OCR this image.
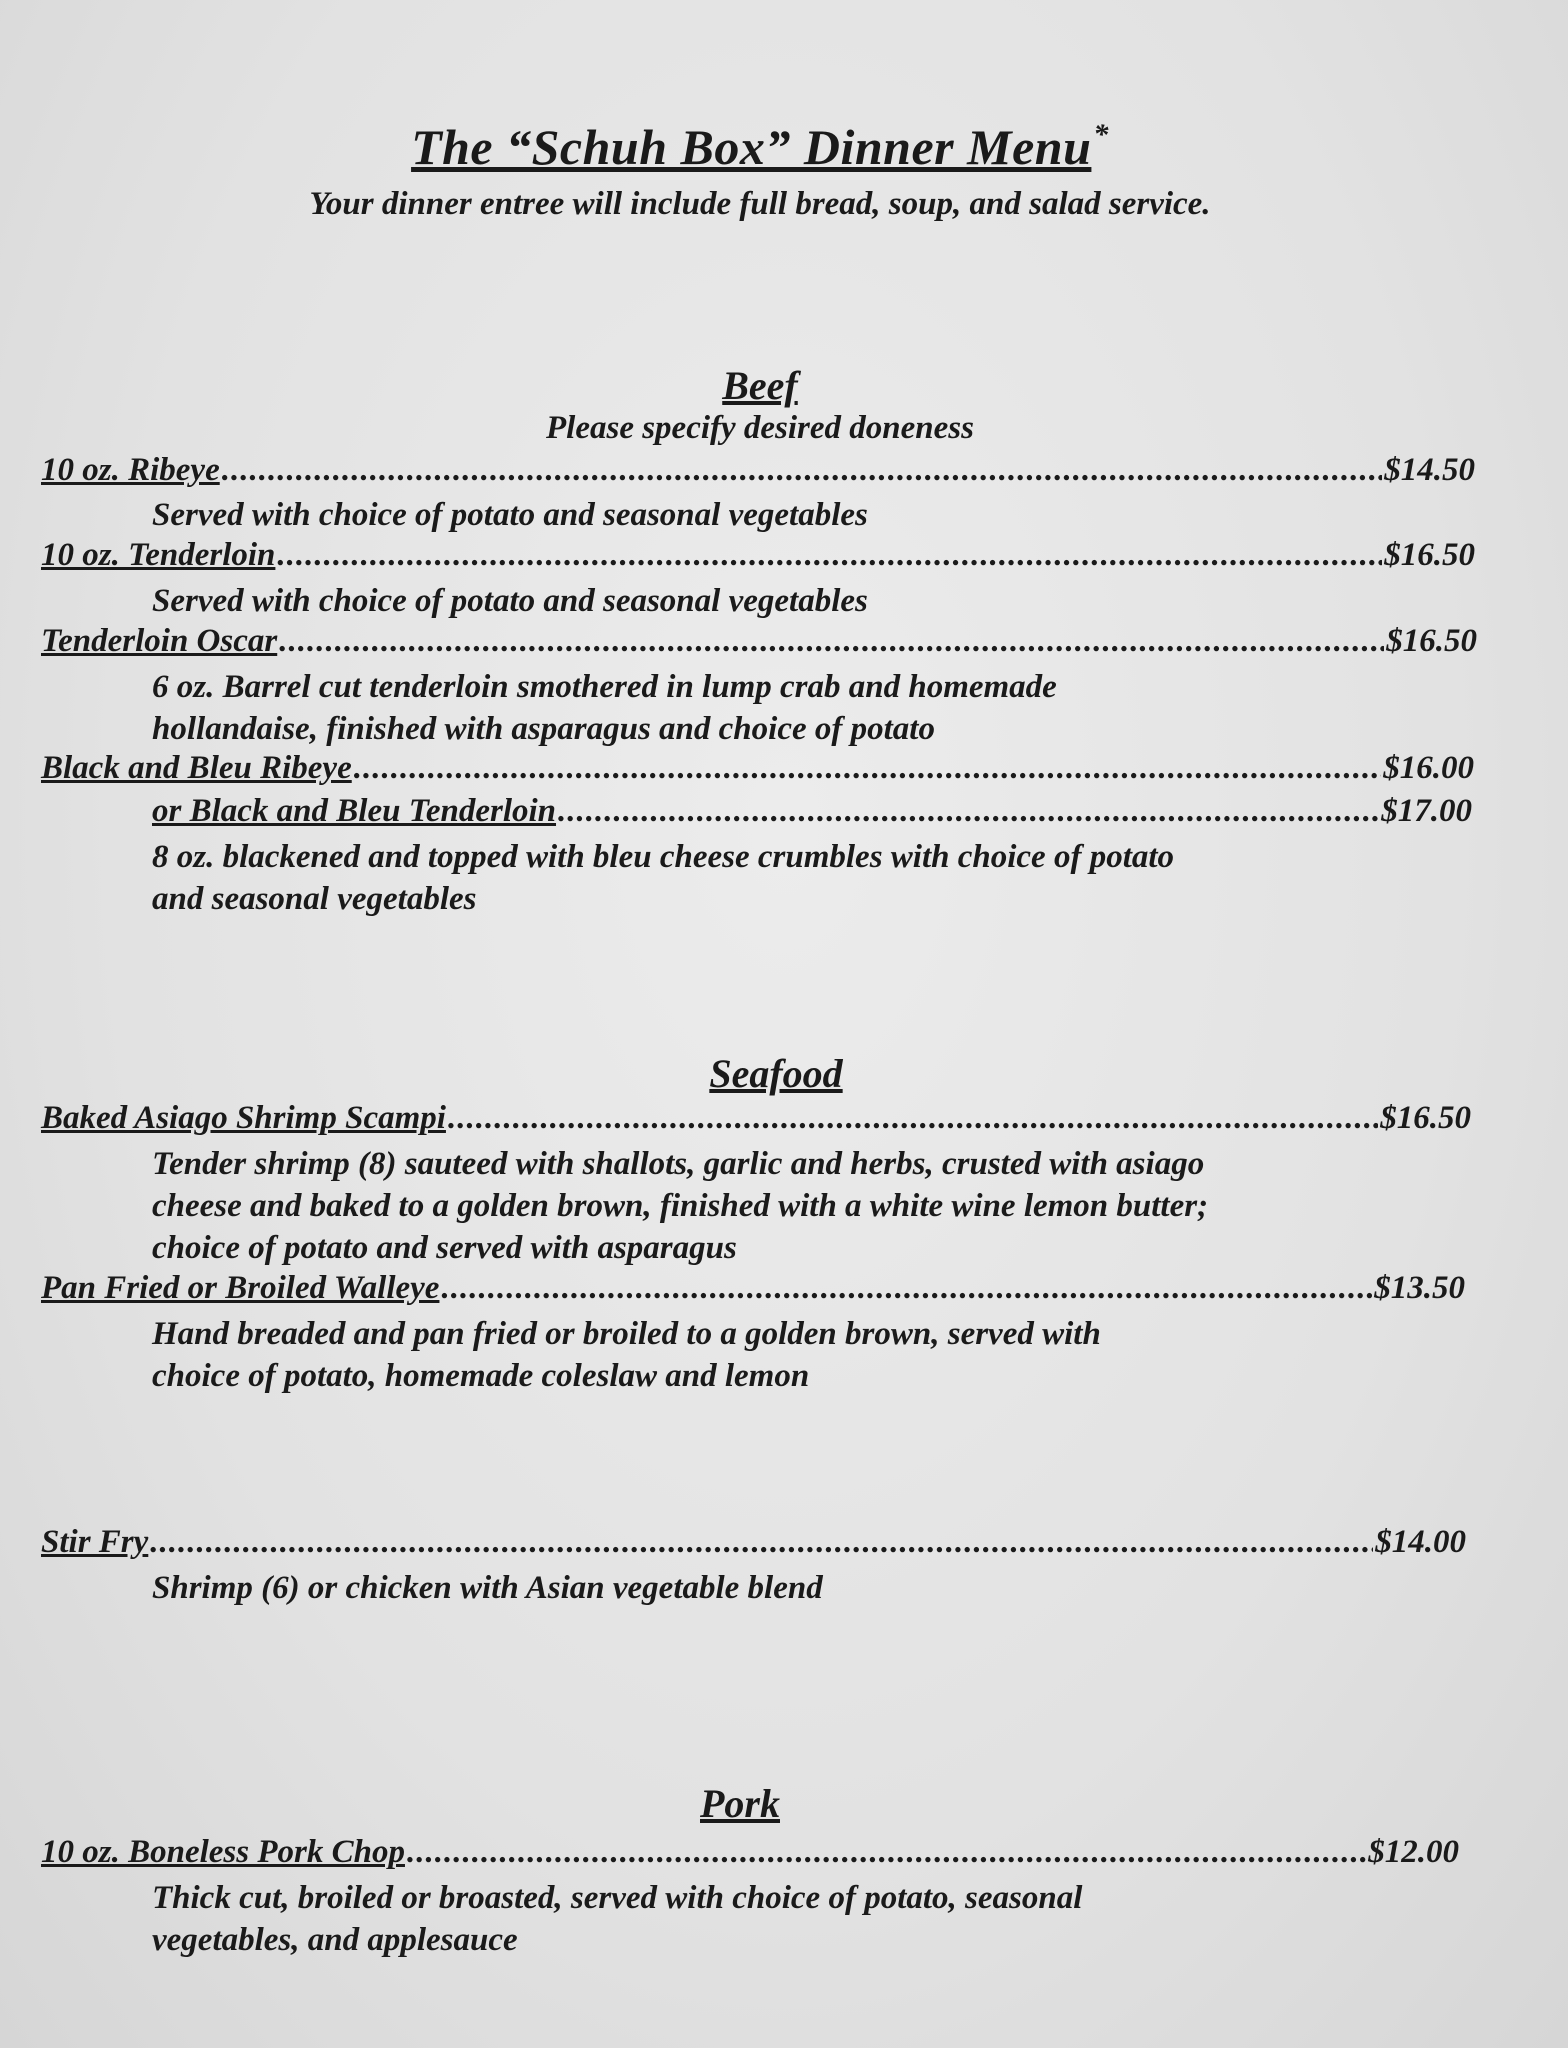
The “Schuh Box” Dinner Menu*
Your dinner entree will include full bread, soup, and salad service.
Beef
Please specify desired doneness
10 oz. Ribeye .....	$14.50
Served with choice of potato and seasonal vegetables
10 oz. Tenderloin .....	$16.50
Served with choice of potato and seasonal vegetables
Tenderloin Oscar .....	$16.50
6 oz. Barrel cut tenderloin smothered in lump crab and homemade
hollandaise, finished with asparagus and choice of potato
Black and Bleu Ribeye .....	$16.00
or Black and Bleu Tenderloin .....	$17.00
8 oz. blackened and topped with bleu cheese crumbles with choice of potato
and seasonal vegetables
Seafood
Baked Asiago Shrimp Scampi .....	$16.50
Tender shrimp (8) sauteed with shallots, garlic and herbs, crusted with asiago
cheese and baked to a golden brown, finished with a white wine lemon butter;
choice of potato and served with asparagus
Pan Fried or Broiled Walleye .....	$13.50
Hand breaded and pan fried or broiled to a golden brown, served with
choice of potato, homemade coleslaw and lemon
Stir Fry .....	$14.00
Shrimp (6) or chicken with Asian vegetable blend
Pork
10 oz. Boneless Pork Chop .....	$12.00
Thick cut, broiled or broasted, served with choice of potato, seasonal
vegetables, and applesauce
